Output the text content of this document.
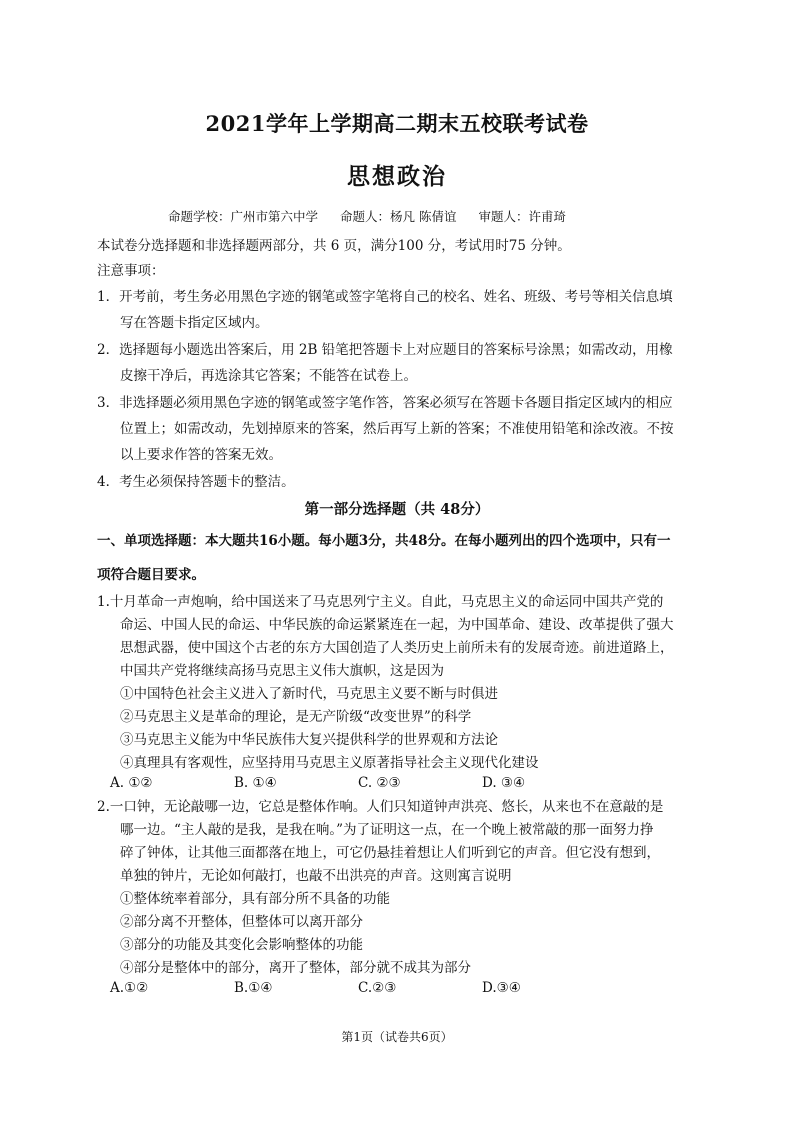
2021学年上学期高二期末五校联考试卷
思想政治
命题学校：广州市第六中学 命题人：杨凡 陈倩谊 审题人：许甫琦
本试卷分选择题和非选择题两部分，共 6 页，满分100 分，考试用时75 分钟。
注意事项：
1．开考前，考生务必用黑色字迹的钢笔或签字笔将自己的校名、姓名、班级、考号等相关信息填
写在答题卡指定区域内。
2．选择题每小题选出答案后，用 2B 铅笔把答题卡上对应题目的答案标号涂黑；如需改动，用橡
皮擦干净后，再选涂其它答案；不能答在试卷上。
3．非选择题必须用黑色字迹的钢笔或签字笔作答，答案必须写在答题卡各题目指定区域内的相应
位置上；如需改动，先划掉原来的答案，然后再写上新的答案；不准使用铅笔和涂改液。不按
以上要求作答的答案无效。
4．考生必须保持答题卡的整洁。
第一部分选择题（共 48分）
一、单项选择题：本大题共16小题。每小题3分，共48分。在每小题列出的四个选项中，只有一
项符合题目要求。
1.十月革命一声炮响，给中国送来了马克思列宁主义。自此，马克思主义的命运同中国共产党的
命运、中国人民的命运、中华民族的命运紧紧连在一起，为中国革命、建设、改革提供了强大
思想武器，使中国这个古老的东方大国创造了人类历史上前所未有的发展奇迹。前进道路上，
中国共产党将继续高扬马克思主义伟大旗帜，这是因为
①中国特色社会主义进入了新时代，马克思主义要不断与时俱进
②马克思主义是革命的理论，是无产阶级“改变世界”的科学
③马克思主义能为中华民族伟大复兴提供科学的世界观和方法论
④真理具有客观性，应坚持用马克思主义原著指导社会主义现代化建设
A. ①②	B. ①④	C. ②③	D. ③④
2.一口钟，无论敲哪一边，它总是整体作响。人们只知道钟声洪亮、悠长，从来也不在意敲的是
哪一边。“主人敲的是我，是我在响。”为了证明这一点，在一个晚上被常敲的那一面努力挣
碎了钟体，让其他三面都落在地上，可它仍悬挂着想让人们听到它的声音。但它没有想到，
单独的钟片，无论如何敲打，也敲不出洪亮的声音。这则寓言说明
①整体统率着部分，具有部分所不具备的功能
②部分离不开整体，但整体可以离开部分
③部分的功能及其变化会影响整体的功能
④部分是整体中的部分，离开了整体，部分就不成其为部分
A.①②	B.①④	C.②③	D.③④
第1页（试卷共6页）
